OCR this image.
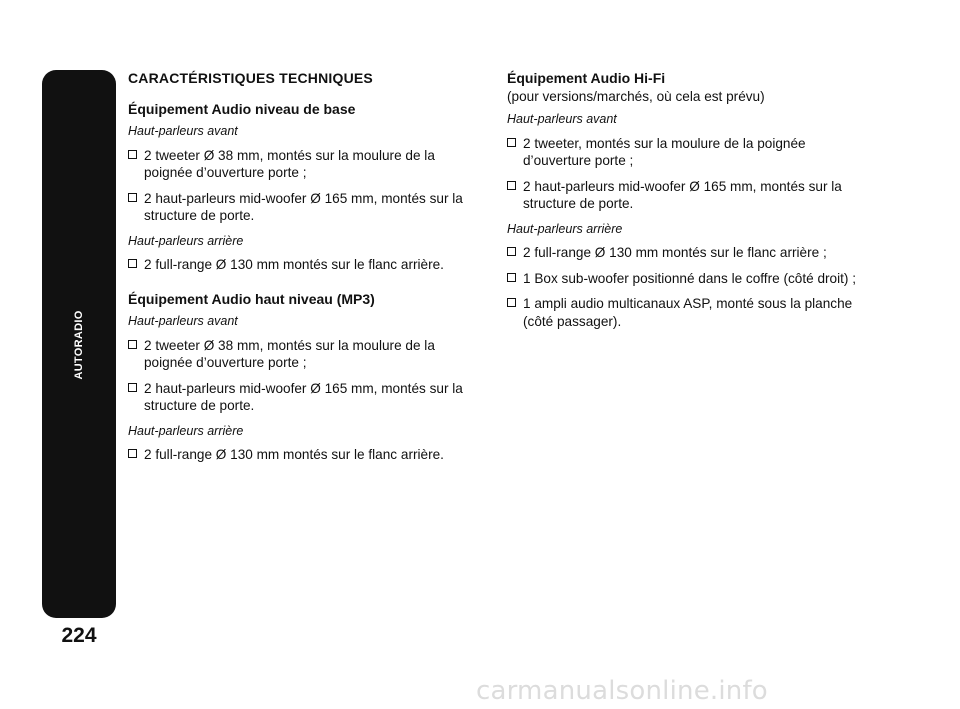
AUTORADIO
224
CARACTÉRISTIQUES TECHNIQUES
Équipement Audio niveau de base
Haut-parleurs avant
2 tweeter Ø 38 mm, montés sur la moulure de la poignée d’ouverture porte ;
2 haut-parleurs mid-woofer Ø 165 mm, montés sur la structure de porte.
Haut-parleurs arrière
2 full-range Ø 130 mm montés sur le flanc arrière.
Équipement Audio haut niveau (MP3)
Haut-parleurs avant
2 tweeter Ø 38 mm, montés sur la moulure de la poignée d’ouverture porte ;
2 haut-parleurs mid-woofer Ø 165 mm, montés sur la structure de porte.
Haut-parleurs arrière
2 full-range Ø 130 mm montés sur le flanc arrière.
Équipement Audio Hi-Fi
(pour versions/marchés, où cela est prévu)
Haut-parleurs avant
2 tweeter, montés sur la moulure de la poignée d’ouverture porte ;
2 haut-parleurs mid-woofer Ø 165 mm, montés sur la structure de porte.
Haut-parleurs arrière
2 full-range Ø 130 mm montés sur le flanc arrière ;
1 Box sub-woofer positionné dans le coffre (côté droit) ;
1 ampli audio multicanaux ASP, monté sous la planche (côté passager).
carmanualsonline.info
